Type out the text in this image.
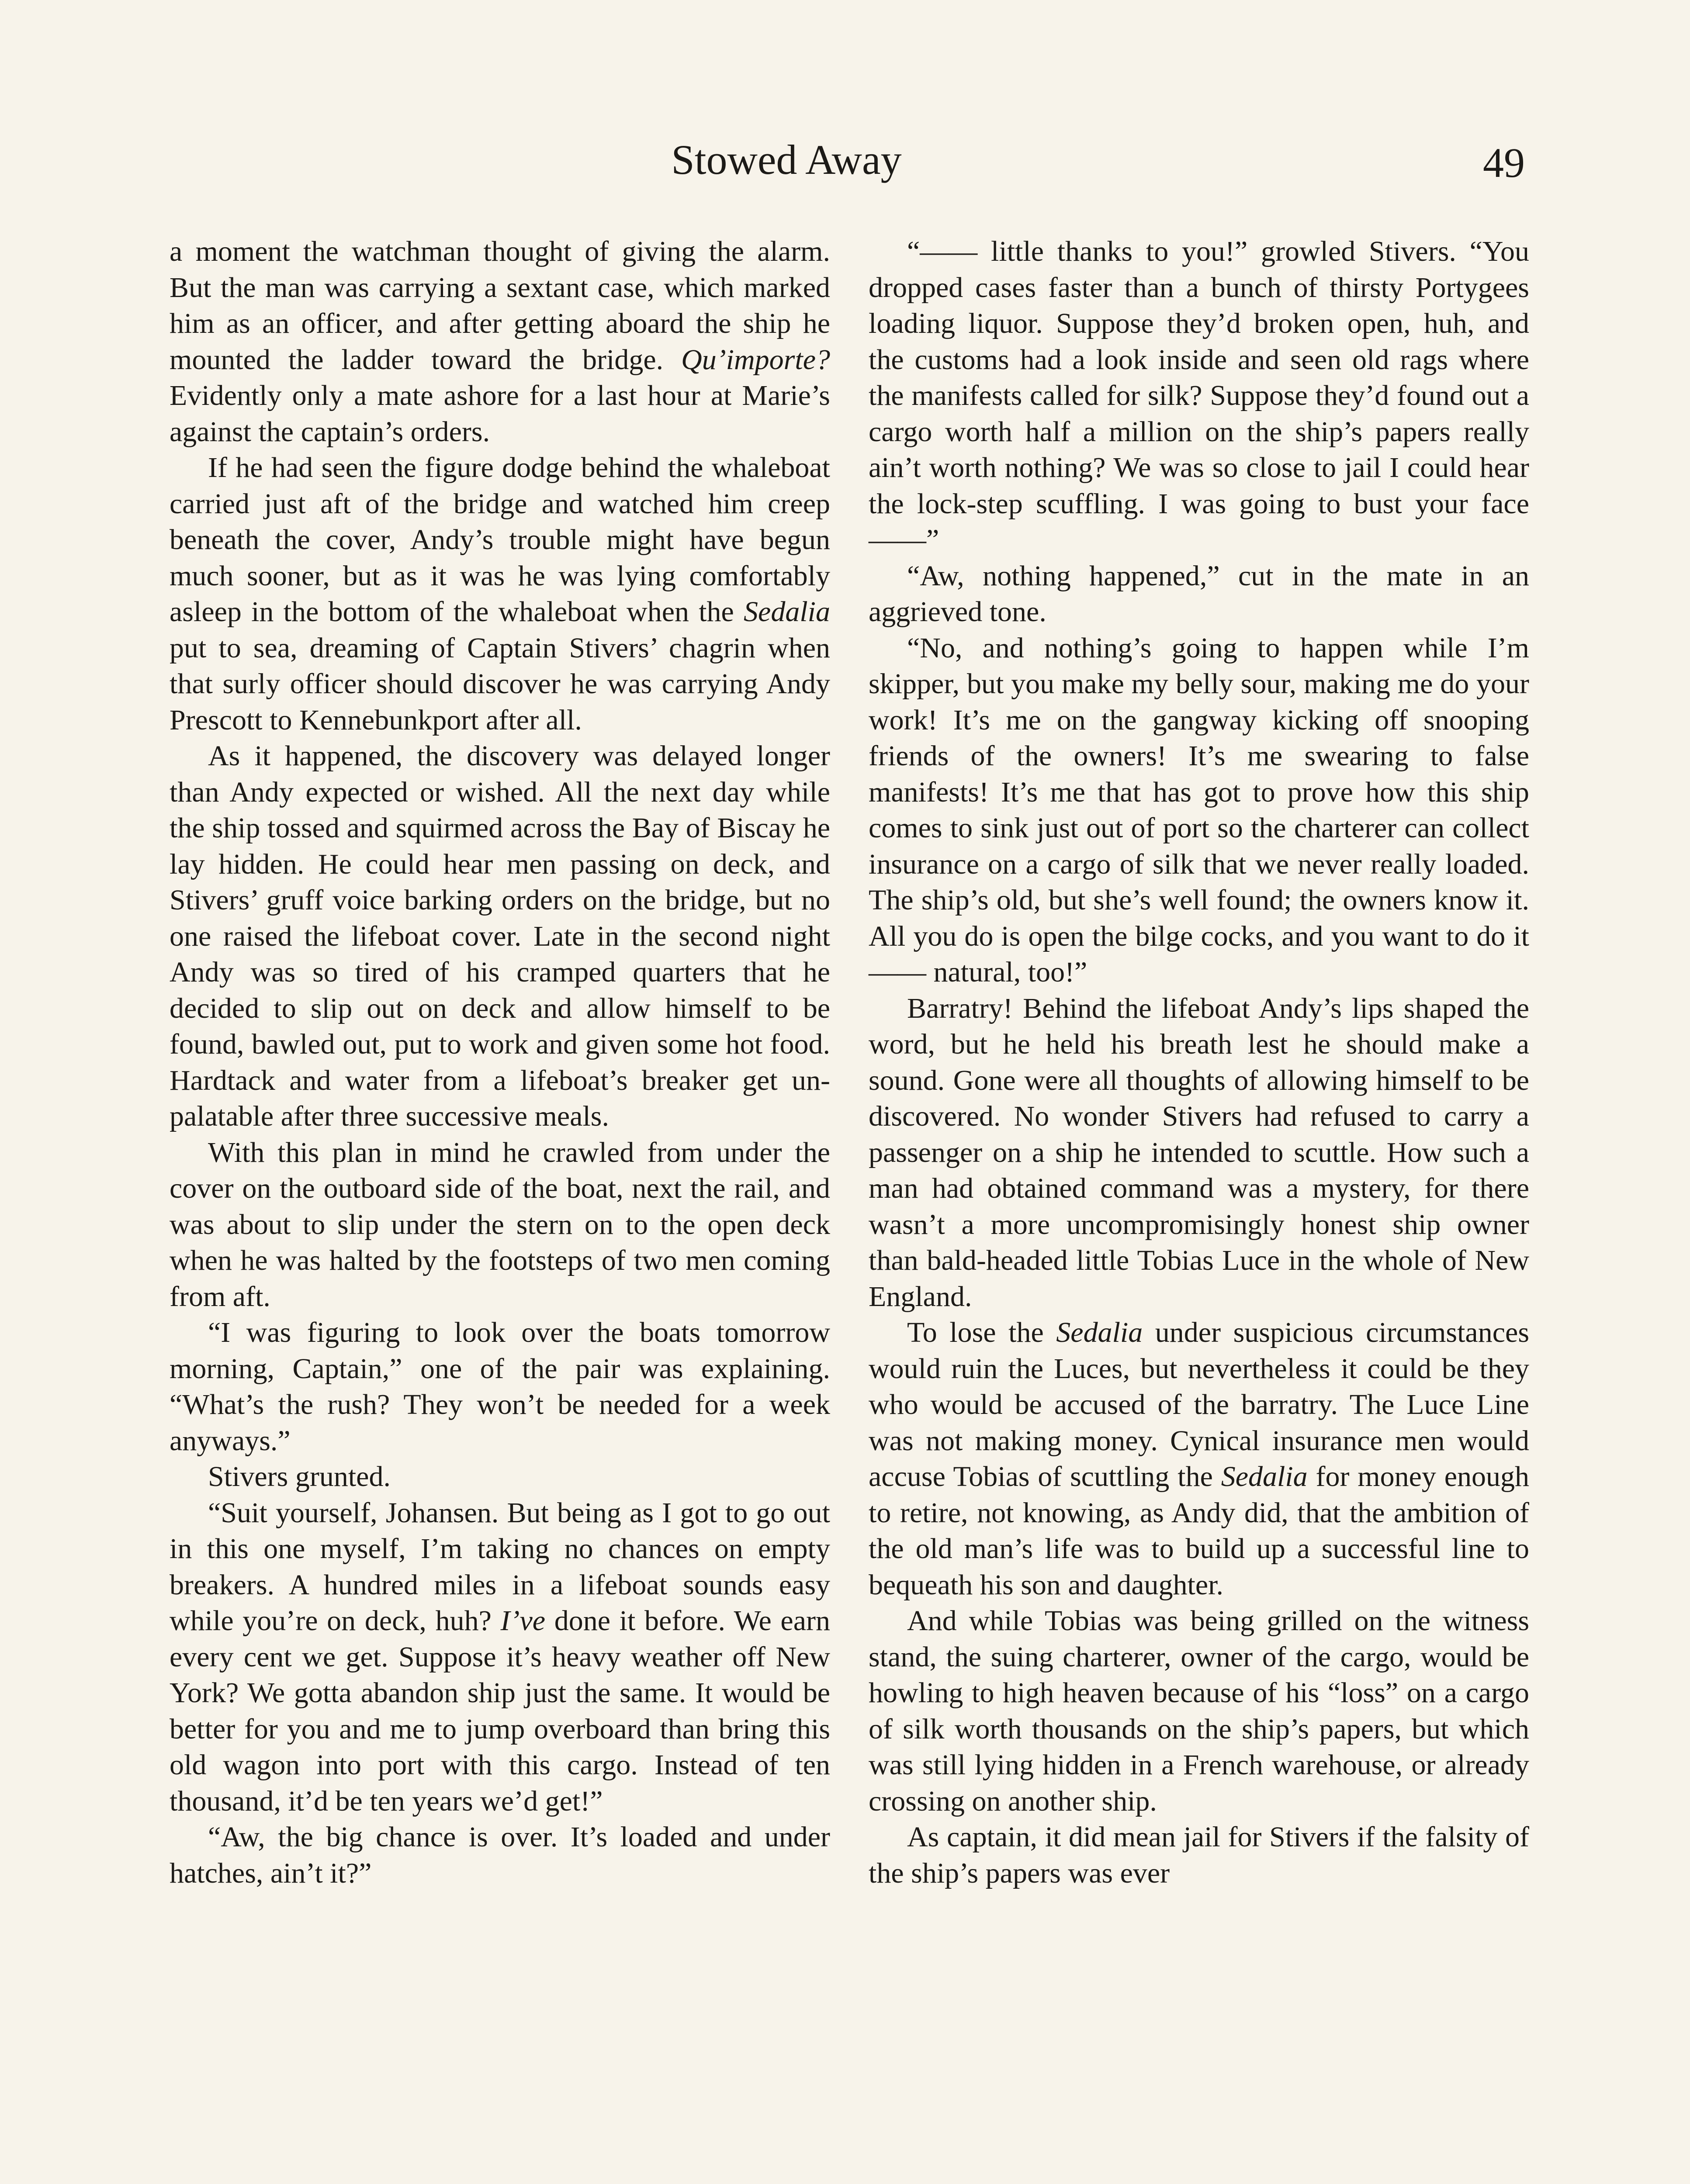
Stowed Away	49

a moment the watchman thought of giving the alarm. But the man was carrying a sextant case, which marked him as an officer, and after getting aboard the ship he mounted the ladder toward the bridge. Qu’importe? Evidently only a mate ashore for a last hour at Marie’s against the captain’s orders.

If he had seen the figure dodge behind the whaleboat carried just aft of the bridge and watched him creep beneath the cover, Andy’s trouble might have begun much sooner, but as it was he was lying comfortably asleep in the bottom of the whaleboat when the Sedalia put to sea, dreaming of Captain Stivers’ chagrin when that surly officer should discover he was carrying Andy Prescott to Kennebunkport after all.

As it happened, the discovery was delayed longer than Andy expected or wished. All the next day while the ship tossed and squirmed across the Bay of Biscay he lay hidden. He could hear men passing on deck, and Stivers’ gruff voice barking orders on the bridge, but no one raised the lifeboat cover. Late in the second night Andy was so tired of his cramped quarters that he decided to slip out on deck and allow himself to be found, bawled out, put to work and given some hot food. Hardtack and water from a lifeboat’s breaker get unpalatable after three successive meals.

With this plan in mind he crawled from under the cover on the outboard side of the boat, next the rail, and was about to slip under the stern on to the open deck when he was halted by the footsteps of two men coming from aft.

“I was figuring to look over the boats tomorrow morning, Captain,” one of the pair was explaining. “What’s the rush? They won’t be needed for a week anyways.”

Stivers grunted.

“Suit yourself, Johansen. But being as I got to go out in this one myself, I’m taking no chances on empty breakers. A hundred miles in a lifeboat sounds easy while you’re on deck, huh? I’ve done it before. We earn every cent we get. Suppose it’s heavy weather off New York? We gotta abandon ship just the same. It would be better for you and me to jump overboard than bring this old wagon into port with this cargo. Instead of ten thousand, it’d be ten years we’d get!”

“Aw, the big chance is over. It’s loaded and under hatches, ain’t it?”

“—— little thanks to you!” growled Stivers. “You dropped cases faster than a bunch of thirsty Portygees loading liquor. Suppose they’d broken open, huh, and the customs had a look inside and seen old rags where the manifests called for silk? Suppose they’d found out a cargo worth half a million on the ship’s papers really ain’t worth nothing? We was so close to jail I could hear the lock-step scuffling. I was going to bust your face——”

“Aw, nothing happened,” cut in the mate in an aggrieved tone.

“No, and nothing’s going to happen while I’m skipper, but you make my belly sour, making me do your work! It’s me on the gangway kicking off snooping friends of the owners! It’s me swearing to false manifests! It’s me that has got to prove how this ship comes to sink just out of port so the charterer can collect insurance on a cargo of silk that we never really loaded. The ship’s old, but she’s well found; the owners know it. All you do is open the bilge cocks, and you want to do it —— natural, too!”

Barratry! Behind the lifeboat Andy’s lips shaped the word, but he held his breath lest he should make a sound. Gone were all thoughts of allowing himself to be discovered. No wonder Stivers had refused to carry a passenger on a ship he intended to scuttle. How such a man had obtained command was a mystery, for there wasn’t a more uncompromisingly honest ship owner than bald-headed little Tobias Luce in the whole of New England.

To lose the Sedalia under suspicious circumstances would ruin the Luces, but nevertheless it could be they who would be accused of the barratry. The Luce Line was not making money. Cynical insurance men would accuse Tobias of scuttling the Sedalia for money enough to retire, not knowing, as Andy did, that the ambition of the old man’s life was to build up a successful line to bequeath his son and daughter.

And while Tobias was being grilled on the witness stand, the suing charterer, owner of the cargo, would be howling to high heaven because of his “loss” on a cargo of silk worth thousands on the ship’s papers, but which was still lying hidden in a French warehouse, or already crossing on another ship.

As captain, it did mean jail for Stivers if the falsity of the ship’s papers was ever
